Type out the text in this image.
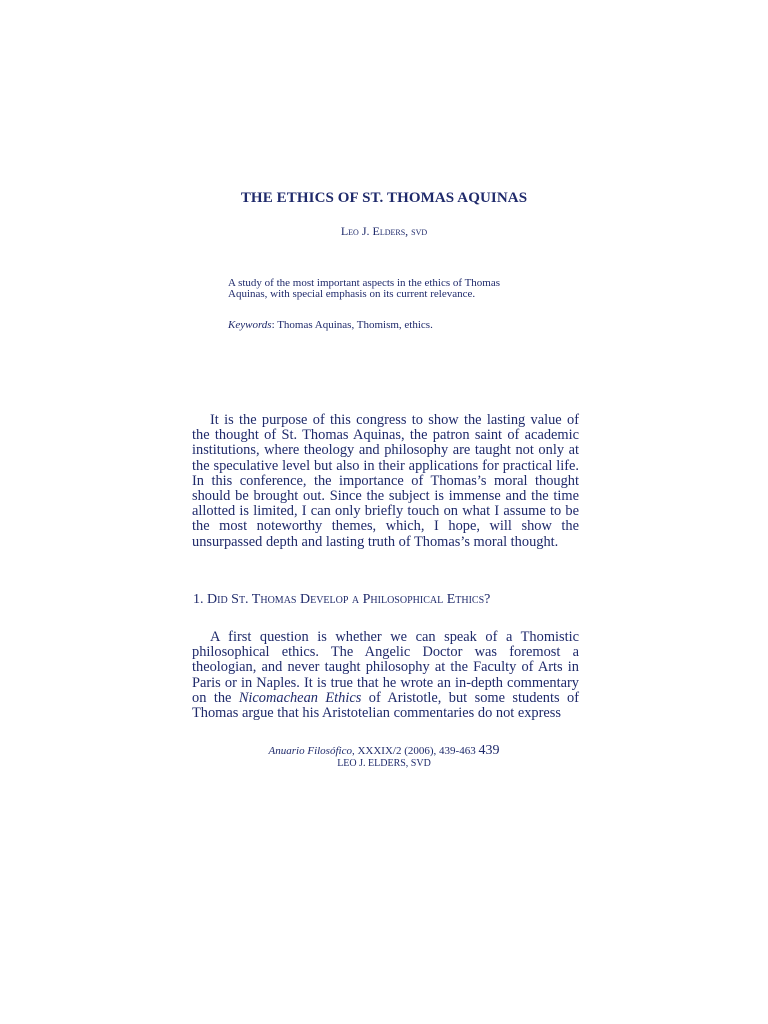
THE ETHICS OF ST. THOMAS AQUINAS
Leo J. Elders, svd
A study of the most important aspects in the ethics of Thomas Aquinas, with special emphasis on its current relevance.
Keywords: Thomas Aquinas, Thomism, ethics.

It is the purpose of this congress to show the lasting value of the thought of St. Thomas Aquinas, the patron saint of academic institutions, where theology and philosophy are taught not only at the speculative level but also in their applications for practical life. In this conference, the importance of Thomas’s moral thought should be brought out. Since the subject is immense and the time allotted is limited, I can only briefly touch on what I assume to be the most noteworthy themes, which, I hope, will show the unsurpassed depth and lasting truth of Thomas’s moral thought.

1. Did St. Thomas Develop a Philosophical Ethics?

A first question is whether we can speak of a Thomistic philosophical ethics. The Angelic Doctor was foremost a theologian, and never taught philosophy at the Faculty of Arts in Paris or in Naples. It is true that he wrote an in-depth commentary on the Nicomachean Ethics of Aristotle, but some students of Thomas argue that his Aristotelian commentaries do not express

Anuario Filosófico, XXXIX/2 (2006), 439-463 439
LEO J. ELDERS, SVD
